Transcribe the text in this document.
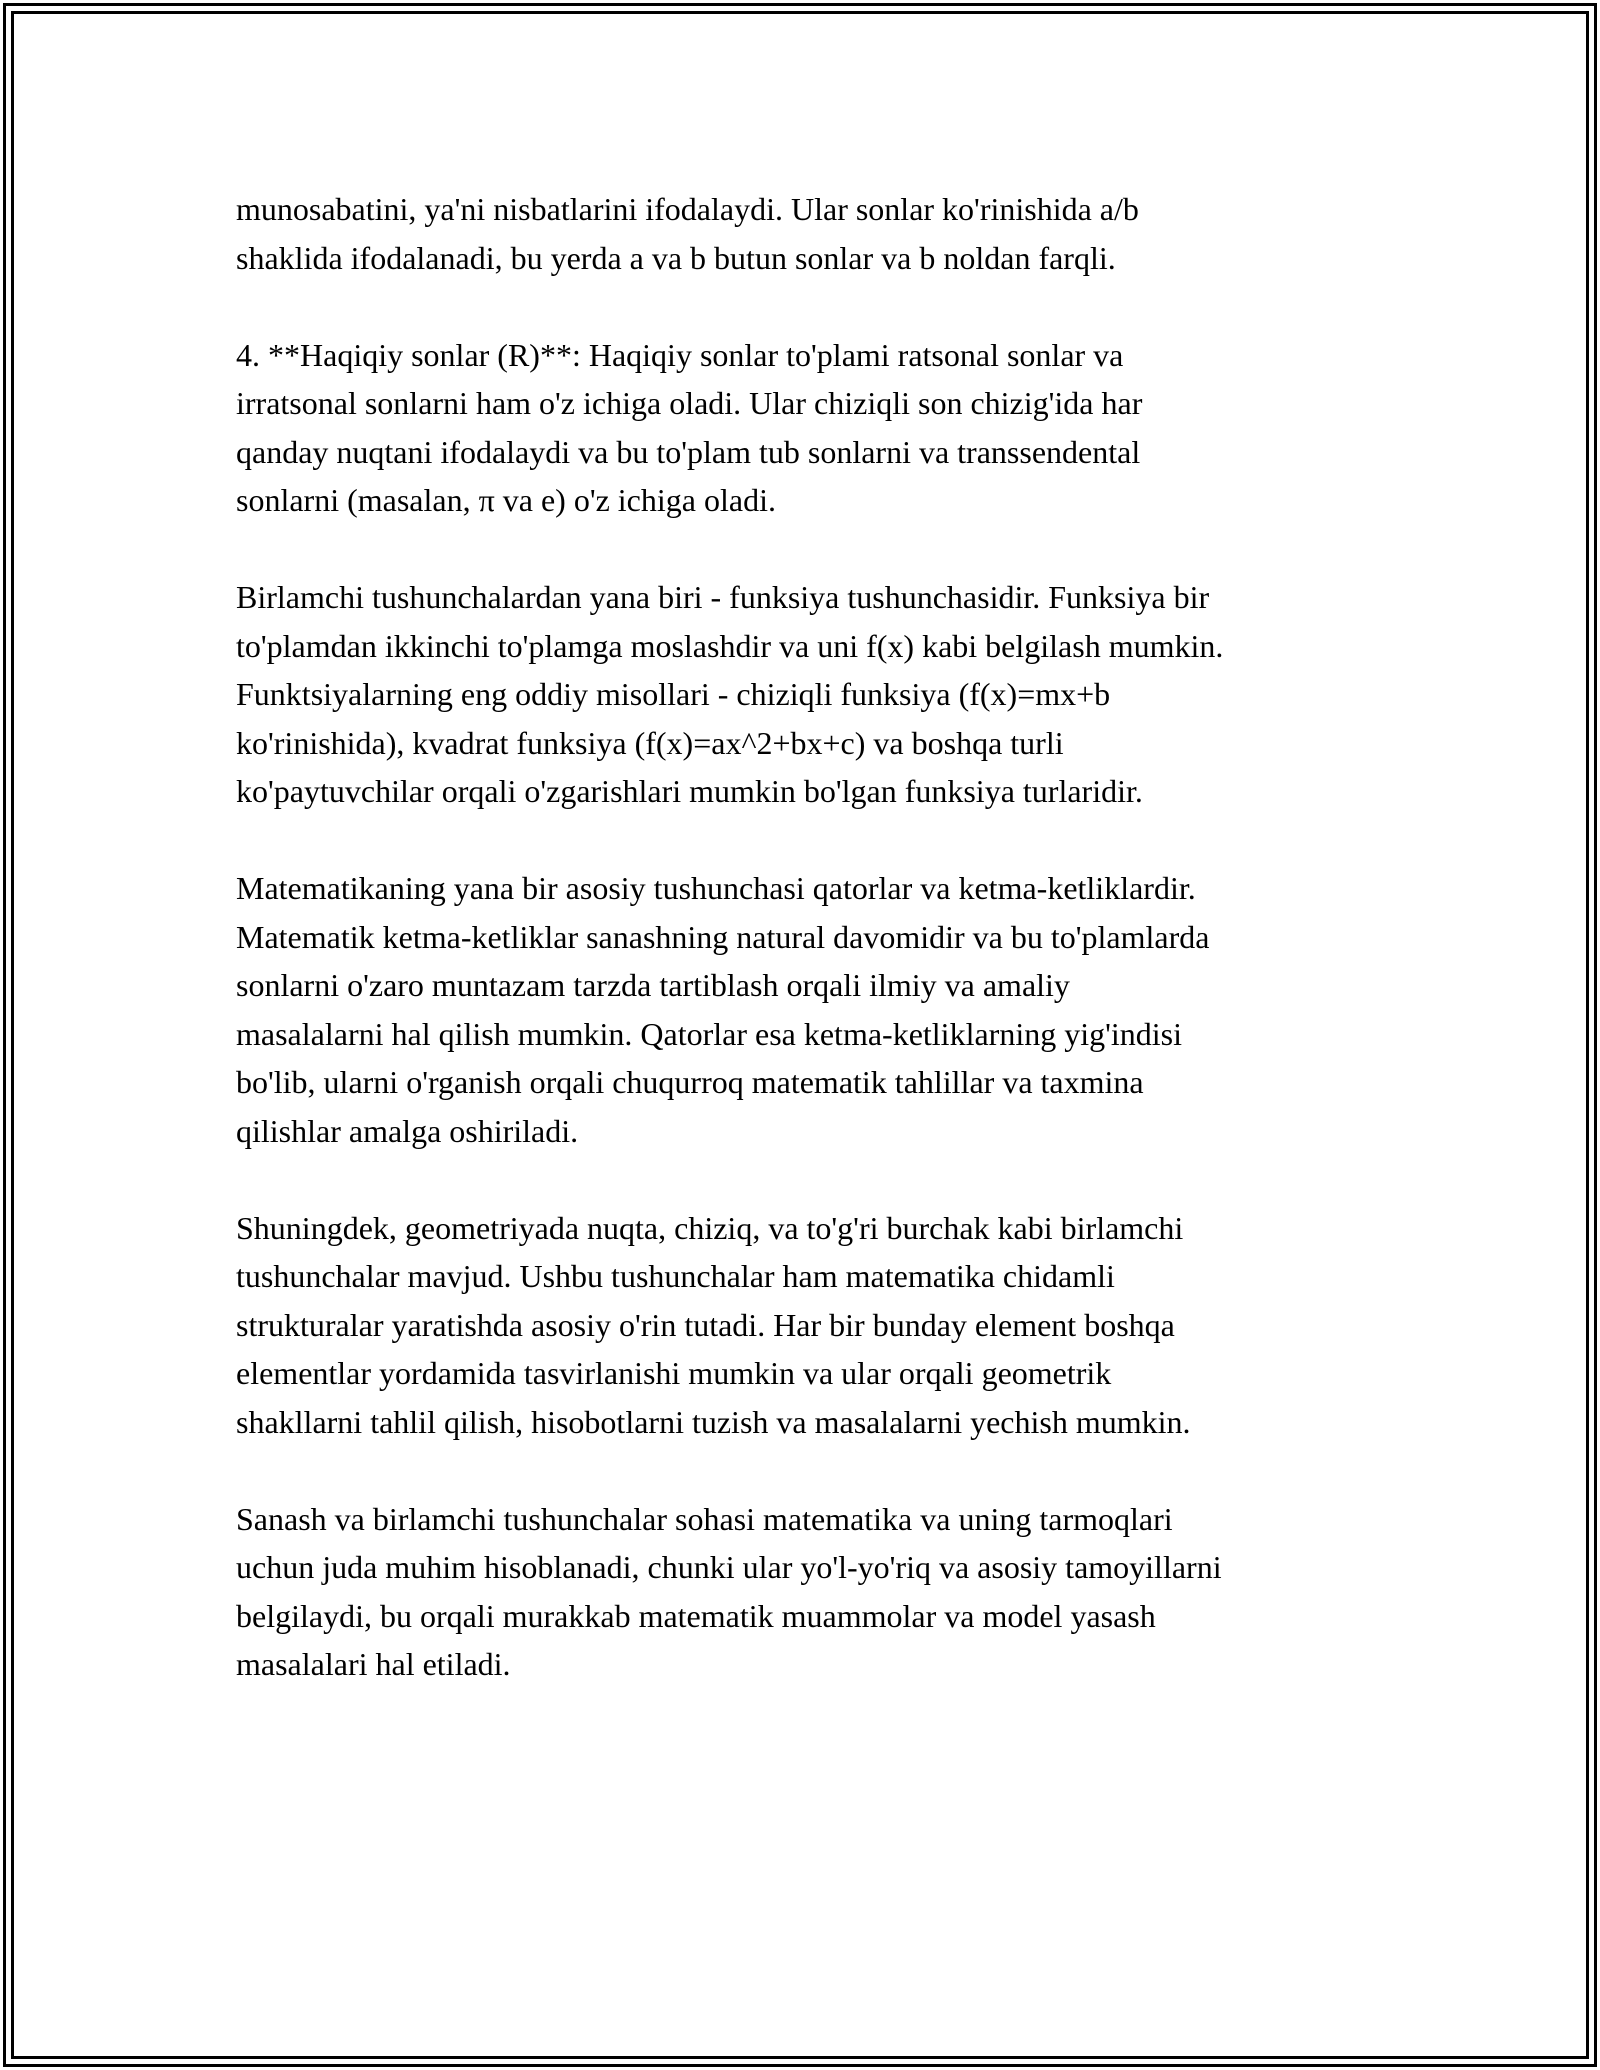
munosabatini, ya'ni nisbatlarini ifodalaydi. Ular sonlar ko'rinishida a/b
shaklida ifodalanadi, bu yerda a va b butun sonlar va b noldan farqli.

4. **Haqiqiy sonlar (R)**: Haqiqiy sonlar to'plami ratsonal sonlar va
irratsonal sonlarni ham o'z ichiga oladi. Ular chiziqli son chizig'ida har
qanday nuqtani ifodalaydi va bu to'plam tub sonlarni va transsendental
sonlarni (masalan, π va e) o'z ichiga oladi.

Birlamchi tushunchalardan yana biri - funksiya tushunchasidir. Funksiya bir
to'plamdan ikkinchi to'plamga moslashdir va uni f(x) kabi belgilash mumkin.
Funktsiyalarning eng oddiy misollari - chiziqli funksiya (f(x)=mx+b
ko'rinishida), kvadrat funksiya (f(x)=ax^2+bx+c) va boshqa turli
ko'paytuvchilar orqali o'zgarishlari mumkin bo'lgan funksiya turlaridir.

Matematikaning yana bir asosiy tushunchasi qatorlar va ketma-ketliklardir.
Matematik ketma-ketliklar sanashning natural davomidir va bu to'plamlarda
sonlarni o'zaro muntazam tarzda tartiblash orqali ilmiy va amaliy
masalalarni hal qilish mumkin. Qatorlar esa ketma-ketliklarning yig'indisi
bo'lib, ularni o'rganish orqali chuqurroq matematik tahlillar va taxmina
qilishlar amalga oshiriladi.

Shuningdek, geometriyada nuqta, chiziq, va to'g'ri burchak kabi birlamchi
tushunchalar mavjud. Ushbu tushunchalar ham matematika chidamli
strukturalar yaratishda asosiy o'rin tutadi. Har bir bunday element boshqa
elementlar yordamida tasvirlanishi mumkin va ular orqali geometrik
shakllarni tahlil qilish, hisobotlarni tuzish va masalalarni yechish mumkin.

Sanash va birlamchi tushunchalar sohasi matematika va uning tarmoqlari
uchun juda muhim hisoblanadi, chunki ular yo'l-yo'riq va asosiy tamoyillarni
belgilaydi, bu orqali murakkab matematik muammolar va model yasash
masalalari hal etiladi.
